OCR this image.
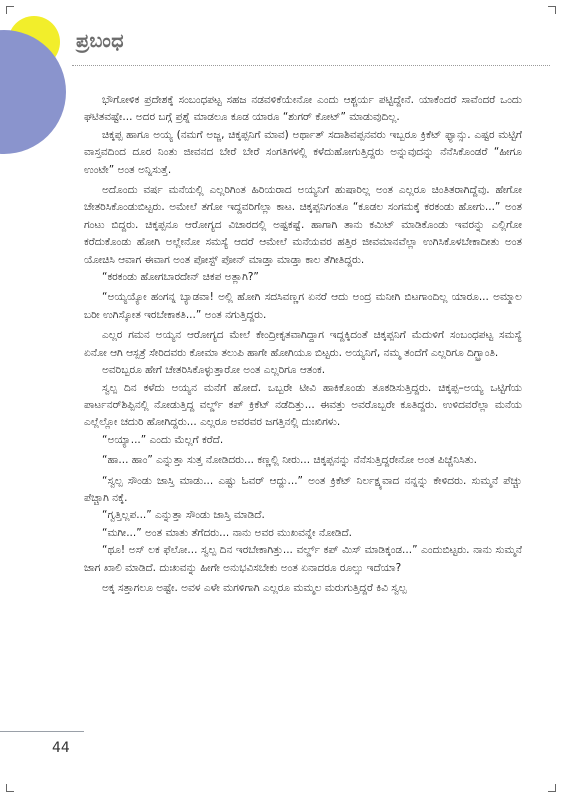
ಪ್ರಬಂಧ

ಭೌಗೋಳಿಕ ಪ್ರದೇಶಕ್ಕೆ ಸಂಬಂಧಪಟ್ಟ ಸಹಜ ನಡವಳಿಕೆಯೇನೋ ಎಂದು ಆಶ್ಚರ್ಯ ಪಟ್ಟಿದ್ದೇನೆ. ಯಾಕೆಂದರೆ ಸಾವೆಂದರೆ ಒಂದು ಘಟಿತವಷ್ಟೇ... ಅದರ ಬಗ್ಗೆ ಪ್ರಶ್ನೆ ಮಾಡಲೂ ಕೂಡ ಯಾರೂ “ಶುಗರ್ ಕೋಟ್” ಮಾಡುವುದಿಲ್ಲ.

ಚಿಕ್ಕಪ್ಪ ಹಾಗೂ ಅಯ್ಯ (ನಮಗೆ ಅಜ್ಜ, ಚಿಕ್ಕಪ್ಪನಿಗೆ ಮಾವ) ಅರ್ಥಾತ್ ಸದಾಶಿವಪ್ಪನವರು ಇಬ್ಬರೂ ಕ್ರಿಕೆಟ್ ಫ್ಯಾನ್ಸು. ಎಷ್ಟರ ಮಟ್ಟಿಗೆ ವಾಸ್ತವದಿಂದ ದೂರ ನಿಂತು ಜೀವನದ ಬೇರೆ ಬೇರೆ ಸಂಗತಿಗಳಲ್ಲಿ ಕಳೆದುಹೋಗುತ್ತಿದ್ದರು ಅನ್ನುವುದನ್ನು ನೆನೆಸಿಕೊಂಡರೆ “ಹೀಗೂ ಉಂಟೇ” ಅಂತ ಅನ್ನಿಸುತ್ತೆ.

ಅದೊಂದು ವರ್ಷ ಮನೆಯಲ್ಲಿ ಎಲ್ಲರಿಗಿಂತ ಹಿರಿಯರಾದ ಅಯ್ಯನಿಗೆ ಹುಷಾರಿಲ್ಲ ಅಂತ ಎಲ್ಲರೂ ಚಿಂತಿತರಾಗಿದ್ದೆವು. ಹೇಗೋ ಚೇತರಿಸಿಕೊಂಡುಬಿಟ್ಟರು. ಅಮೇಲೆ ತಗೋ ಇದ್ದವರಿಗೆಲ್ಲಾ ಕಾಟ. ಚಿಕ್ಕಪ್ಪನಿಗಂತೂ “ಕೂಡಲ ಸಂಗಮಕ್ಕೆ ಕರಕಂಡು ಹೋಗು...” ಅಂತ ಗಂಟು ಬಿದ್ದರು. ಚಿಕ್ಕಪ್ಪನೂ ಆರೋಗ್ಯದ ವಿಚಾರದಲ್ಲಿ ಅಷ್ಟಕಷ್ಟೆ. ಹಾಗಾಗಿ ತಾನು ಕಮಿಟ್ ಮಾಡಿಕೊಂಡು ಇವರನ್ನು ಎಲ್ಲಿಗೋ ಕರೆದುಕೊಂಡು ಹೋಗಿ ಅಲ್ಲೇನೋ ಸಮಸ್ಯೆ ಆದರೆ ಆಮೇಲೆ ಮನೆಯವರ ಹತ್ತಿರ ಜೀವಮಾನವೆಲ್ಲಾ ಉಗಿಸಿಕೊಳಬೇಕಾದೀತು ಅಂತ ಯೋಚಿಸಿ ಆವಾಗ ಈವಾಗ ಅಂತ ಪೋಸ್ಟ್ ಪೋನ್ ಮಾಡ್ತಾ ಮಾಡ್ತಾ ಕಾಲ ತೆಗೀತಿದ್ದರು.

“ಕರಕಂಡು ಹೋಗಬಾರದೇನ್ ಚಿಕಪ ಅತ್ಲಾಗಿ?”

“ಅಯ್ಯಯ್ಯೋ ಹಂಗನ್ನ ಬ್ಯಾಡವಾ! ಅಲ್ಲಿ ಹೋಗಿ ಸದಸಿವಣ್ಣಗ ಏನರೆ ಆದು ಅಂದ್ರ ಮನೀಗಿ ಬಿಟಗಾಂದಿಲ್ಲ ಯಾರೂ... ಅಮ್ಮಾಲ ಬರೀ ಉಗಿಸ್ಕೋತ ಇರಬೇಕಾಕತಿ...” ಅಂತ ನಗುತ್ತಿದ್ದರು.

ಎಲ್ಲರ ಗಮನ ಅಯ್ಯನ ಆರೋಗ್ಯದ ಮೇಲೆ ಕೇಂದ್ರೀಕೃತವಾಗಿದ್ದಾಗ ಇದ್ದಕ್ಕಿದಂತೆ ಚಿಕ್ಕಪ್ಪನಿಗೆ ಮೆದುಳಿಗೆ ಸಂಬಂಧಪಟ್ಟ ಸಮಸ್ಯೆ ಏನೋ ಆಗಿ ಆಸ್ಪತ್ರೆ ಸೇರಿದವರು ಕೋಮಾ ತಲುಪಿ ಹಾಗೇ ಹೋಗಿಯೂ ಬಿಟ್ಟರು. ಅಯ್ಯನಿಗೆ, ನಮ್ಮ ತಂದೆಗೆ ಎಲ್ಲರಿಗೂ ದಿಗ್ಭ್ರಾಂತಿ.

ಅವರಿಬ್ಬರೂ ಹೇಗೆ ಚೇತರಿಸಿಕೊಳ್ಳುತ್ತಾರೋ ಅಂತ ಎಲ್ಲರಿಗೂ ಆತಂಕ.

ಸ್ವಲ್ಪ ದಿನ ಕಳೆದು ಅಯ್ಯನ ಮನೆಗೆ ಹೋದೆ. ಒಬ್ಬರೇ ಟೀವಿ ಹಾಕಿಕೊಂಡು ತೂಕಡಿಸುತ್ತಿದ್ದರು. ಚಿಕ್ಕಪ್ಪ–ಅಯ್ಯ ಒಟ್ಟಿಗೆಯ ಪಾರ್ಟನರ್‌ಶಿಪ್ಪಿನಲ್ಲಿ ನೋಡುತ್ತಿದ್ದ ವರ್ಲ್ಡ್ ಕಪ್ ಕ್ರಿಕೆಟ್ ನಡೆದಿತ್ತು... ಈವತ್ತು ಅವರೊಬ್ಬರೇ ಕೂತಿದ್ದರು. ಉಳಿದವರೆಲ್ಲಾ ಮನೆಯ ಎಲ್ಲೆಲ್ಲೋ ಚದುರಿ ಹೋಗಿದ್ದರು... ಎಲ್ಲರೂ ಅವರವರ ಜಗತ್ತಿನಲ್ಲಿ ದುಃಖಿಗಳು.

“ಅಯ್ಯಾ...” ಎಂದು ಮೆಲ್ಲಗೆ ಕರೆದೆ.

“ಹಾ... ಹಾಂ” ಎನ್ನುತ್ತಾ ಸುತ್ತ ನೋಡಿದರು... ಕಣ್ಣಲ್ಲಿ ನೀರು... ಚಿಕ್ಕಪ್ಪನನ್ನು ನೆನೆಸುತ್ತಿದ್ದರೇನೋ ಅಂತ ಪಿಚ್ಚೆನಿಸಿತು.

“ಸ್ವಲ್ಪ ಸೌಂಡು ಜಾಸ್ತಿ ಮಾಡು... ಎಷ್ಟು ಓವರ್ ಆದ್ದು...” ಅಂತ ಕ್ರಿಕೆಟ್ ನಿರ್ಲಕ್ಷ್ಯವಾದ ನನ್ನನ್ನು ಕೇಳಿದರು. ಸುಮ್ಮನೆ ಪೆಚ್ಚು ಪೆಚ್ಚಾಗಿ ನಕ್ಕೆ.

“ಗ್ವತ್ತಿಲ್ಲಪ...” ಎನ್ನುತ್ತಾ ಸೌಂಡು ಜಾಸ್ತಿ ಮಾಡಿದೆ.

“ಮಗೀ...” ಅಂತ ಮಾತು ತೆಗೆದರು... ನಾನು ಅವರ ಮುಖವನ್ನೇ ನೋಡಿದೆ.

“ಥೂ! ಅಸ್ ಲಕ ಫೆಲೋ... ಸ್ವಲ್ಪ ದಿನ ಇರಬೇಕಾಗಿತ್ತು... ವರ್ಲ್ಡ್ ಕಪ್ ಮಿಸ್ ಮಾಡಿಕ್ಕಂಡ...” ಎಂದುಬಿಟ್ಟರು. ನಾನು ಸುಮ್ಮನೆ ಜಾಗ ಖಾಲಿ ಮಾಡಿದೆ. ದುಃಖವನ್ನು ಹೀಗೇ ಅನುಭವಿಸಬೇಕು ಅಂತ ಏನಾದರೂ ರೂಲ್ಸು ಇದೆಯಾ?

ಅಕ್ಕ ಸತ್ತಾಗಲೂ ಅಷ್ಟೇ. ಅವಳ ಎಳೇ ಮಗಳಿಗಾಗಿ ಎಲ್ಲರೂ ಮಮ್ಮಲ ಮರುಗುತ್ತಿದ್ದರೆ ಕಿವಿ ಸ್ವಲ್ಪ

44
